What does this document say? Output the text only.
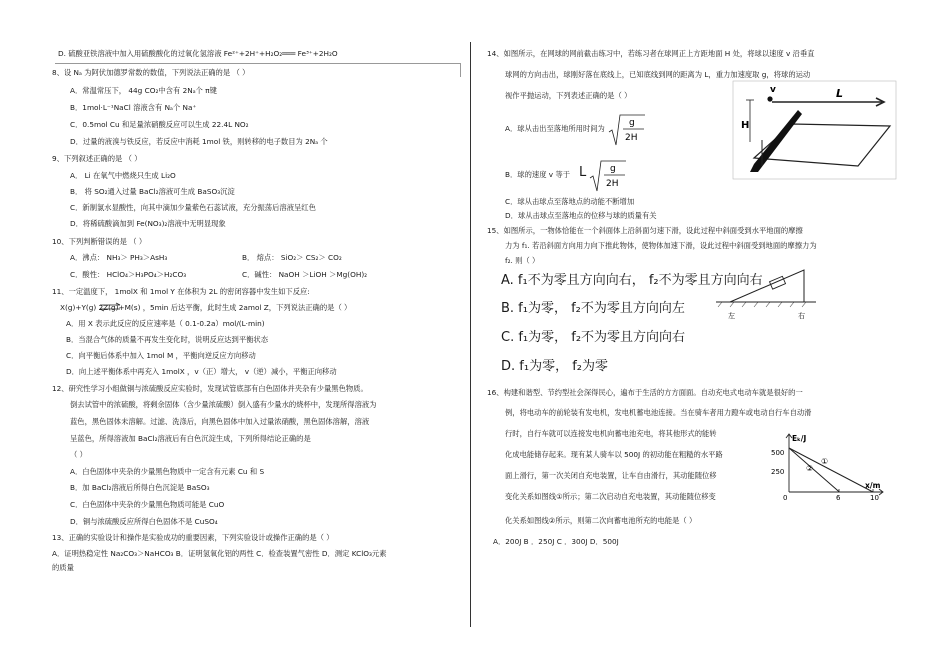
D. 硫酸亚铁溶液中加入用硫酸酸化的过氧化氢溶液 Fe²⁺+2H⁺+H₂O₂═══ Fe³⁺+2H₂O
8、设 Nₐ 为阿伏加德罗常数的数值，下列说法正确的是 （ ）
A．常温常压下， 44g CO₂中含有 2Nₐ个 π键
B．1mol·L⁻¹NaCl 溶液含有 Nₐ个 Na⁺
C．0.5mol Cu 和足量浓硝酸反应可以生成 22.4L NO₂
D．过量的液溴与铁反应，若反应中消耗 1mol 铁，则转移的电子数目为 2Nₐ 个
9、下列叙述正确的是 （ ）
A． Li 在氧气中燃烧只生成 Li₂O
B． 将 SO₂通入过量 BaCl₂溶液可生成 BaSO₃沉淀
C．新制氯水显酸性，向其中滴加少量紫色石蕊试液，充分振荡后溶液呈红色
D．将稀硫酸滴加到 Fe(NO₃)₂溶液中无明显现象
10、下列判断错误的是 （ ）
A．沸点： NH₃＞ PH₃＞AsH₃	B． 熔点： SiO₂＞ CS₂＞ CO₂
C．酸性： HClO₄＞H₃PO₄＞H₂CO₃	C．碱性： NaOH ＞LiOH ＞Mg(OH)₂
11、一定温度下， 1molX 和 1mol Y 在体积为 2L 的密闭容器中发生如下反应:
X(g)+Y(g) 2Z(g)+M(s) ，5min 后达平衡，此时生成 2amol Z，下列说法正确的是（ ）
A．用 X 表示此反应的反应速率是（ 0.1-0.2a）mol/(L·min)
B．当混合气体的质量不再发生变化时，说明反应达到平衡状态
C．向平衡后体系中加入 1mol M ，平衡向逆反应方向移动
D．向上述平衡体系中再充入 1molX ，v（正）增大， v（逆）减小，平衡正向移动
12、研究性学习小组做铜与浓硫酸反应实验时，发现试管底部有白色固体并夹杂有少量黑色物质。
倒去试管中的浓硫酸，将剩余固体（含少量浓硫酸）倒入盛有少量水的烧杯中，发现所得溶液为
蓝色，黑色固体未溶解。过滤、洗涤后，向黑色固体中加入过量浓硝酸，黑色固体溶解，溶液
呈蓝色，所得溶液加 BaCl₂溶液后有白色沉淀生成，下列所得结论正确的是
（ ）
A．白色固体中夹杂的少量黑色物质中一定含有元素 Cu 和 S
B．加 BaCl₂溶液后所得白色沉淀是 BaSO₃
C．白色固体中夹杂的少量黑色物质可能是 CuO
D．铜与浓硫酸反应所得白色固体不是 CuSO₄
13、正确的实验设计和操作是实验成功的重要因素，下列实验设计或操作正确的是（ ）
A．证明热稳定性 Na₂CO₃＞NaHCO₃ B．证明氢氧化铝的两性 C．检查装置气密性 D．测定 KClO₃元素
的质量
14、如图所示，在网球的网前截击练习中，若练习者在球网正上方距地面 H 处，将球以速度 v 沿垂直
球网的方向击出，球刚好落在底线上，已知底线到网的距离为 L，重力加速度取 g，将球的运动
视作平抛运动，下列表述正确的是（ ）
A．球从击出至落地所用时间为
g
2H
B．球的速度 v 等于 L	g
2H
C．球从击球点至落地点的动能不断增加
D．球从击球点至落地点的位移与球的质量有关
H
v	L
15、如图所示，一物体恰能在一个斜面体上沿斜面匀速下滑，设此过程中斜面受到水平地面的摩擦
力为 f₁. 若沿斜面方向用力向下推此物体，使物体加速下滑，设此过程中斜面受到地面的摩擦力为
f₂. 则（ ）
A. f₁不为零且方向向右， f₂不为零且方向向右
B. f₁为零， f₂不为零且方向向左
C. f₁为零， f₂不为零且方向向右
D. f₁为零， f₂为零
左	右
16、构建和谐型、节约型社会深得民心，遍布于生活的方方面面。自动充电式电动车就是很好的一
例，将电动车的前轮装有发电机，发电机蓄电池连接。当在骑车者用力蹬车或电动自行车自动滑
行时，自行车就可以连接发电机向蓄电池充电，将其他形式的能转
化成电能储存起来。现有某人骑车以 500J 的初动能在粗糙的水平路
面上滑行，第一次关闭自充电装置，让车自由滑行，其动能随位移
变化关系如图线①所示；第二次启动自充电装置，其动能随位移变
化关系如图线②所示，则第二次向蓄电池所充的电能是（ ）
A．200J B ．250J C ．300J D．500J
Eₖ/J
x/m
500
250
0	6	10
①
②
